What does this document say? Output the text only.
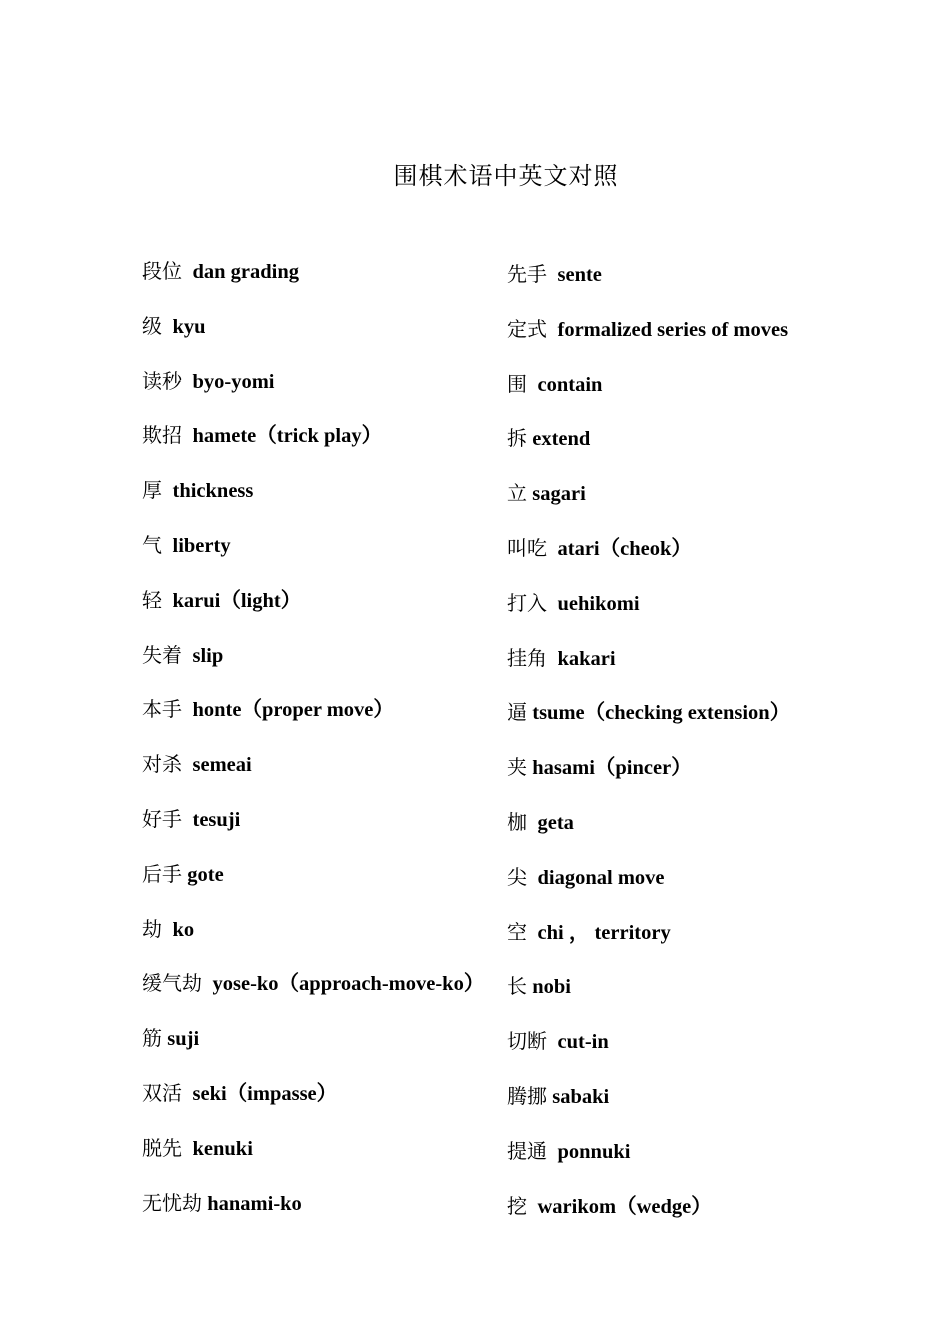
围棋术语中英文对照
段位 dan grading
级 kyu
读秒 byo-yomi
欺招 hamete（trick play）
厚 thickness
气 liberty
轻 karui（light）
失着 slip
本手 honte（proper move）
对杀 semeai
好手 tesuji
后手 gote
劫 ko
缓气劫 yose-ko（approach-move-ko）
筋 suji
双活 seki（impasse）
脱先 kenuki
无忧劫 hanami-ko
先手 sente
定式 formalized series of moves
围 contain
拆 extend
立 sagari
叫吃 atari（cheok）
打入 uehikomi
挂角 kakari
逼 tsume（checking extension）
夹 hasami（pincer）
枷 geta
尖 diagonal move
空 chi ， territory
长 nobi
切断 cut-in
腾挪 sabaki
提通 ponnuki
挖 warikom（wedge）
